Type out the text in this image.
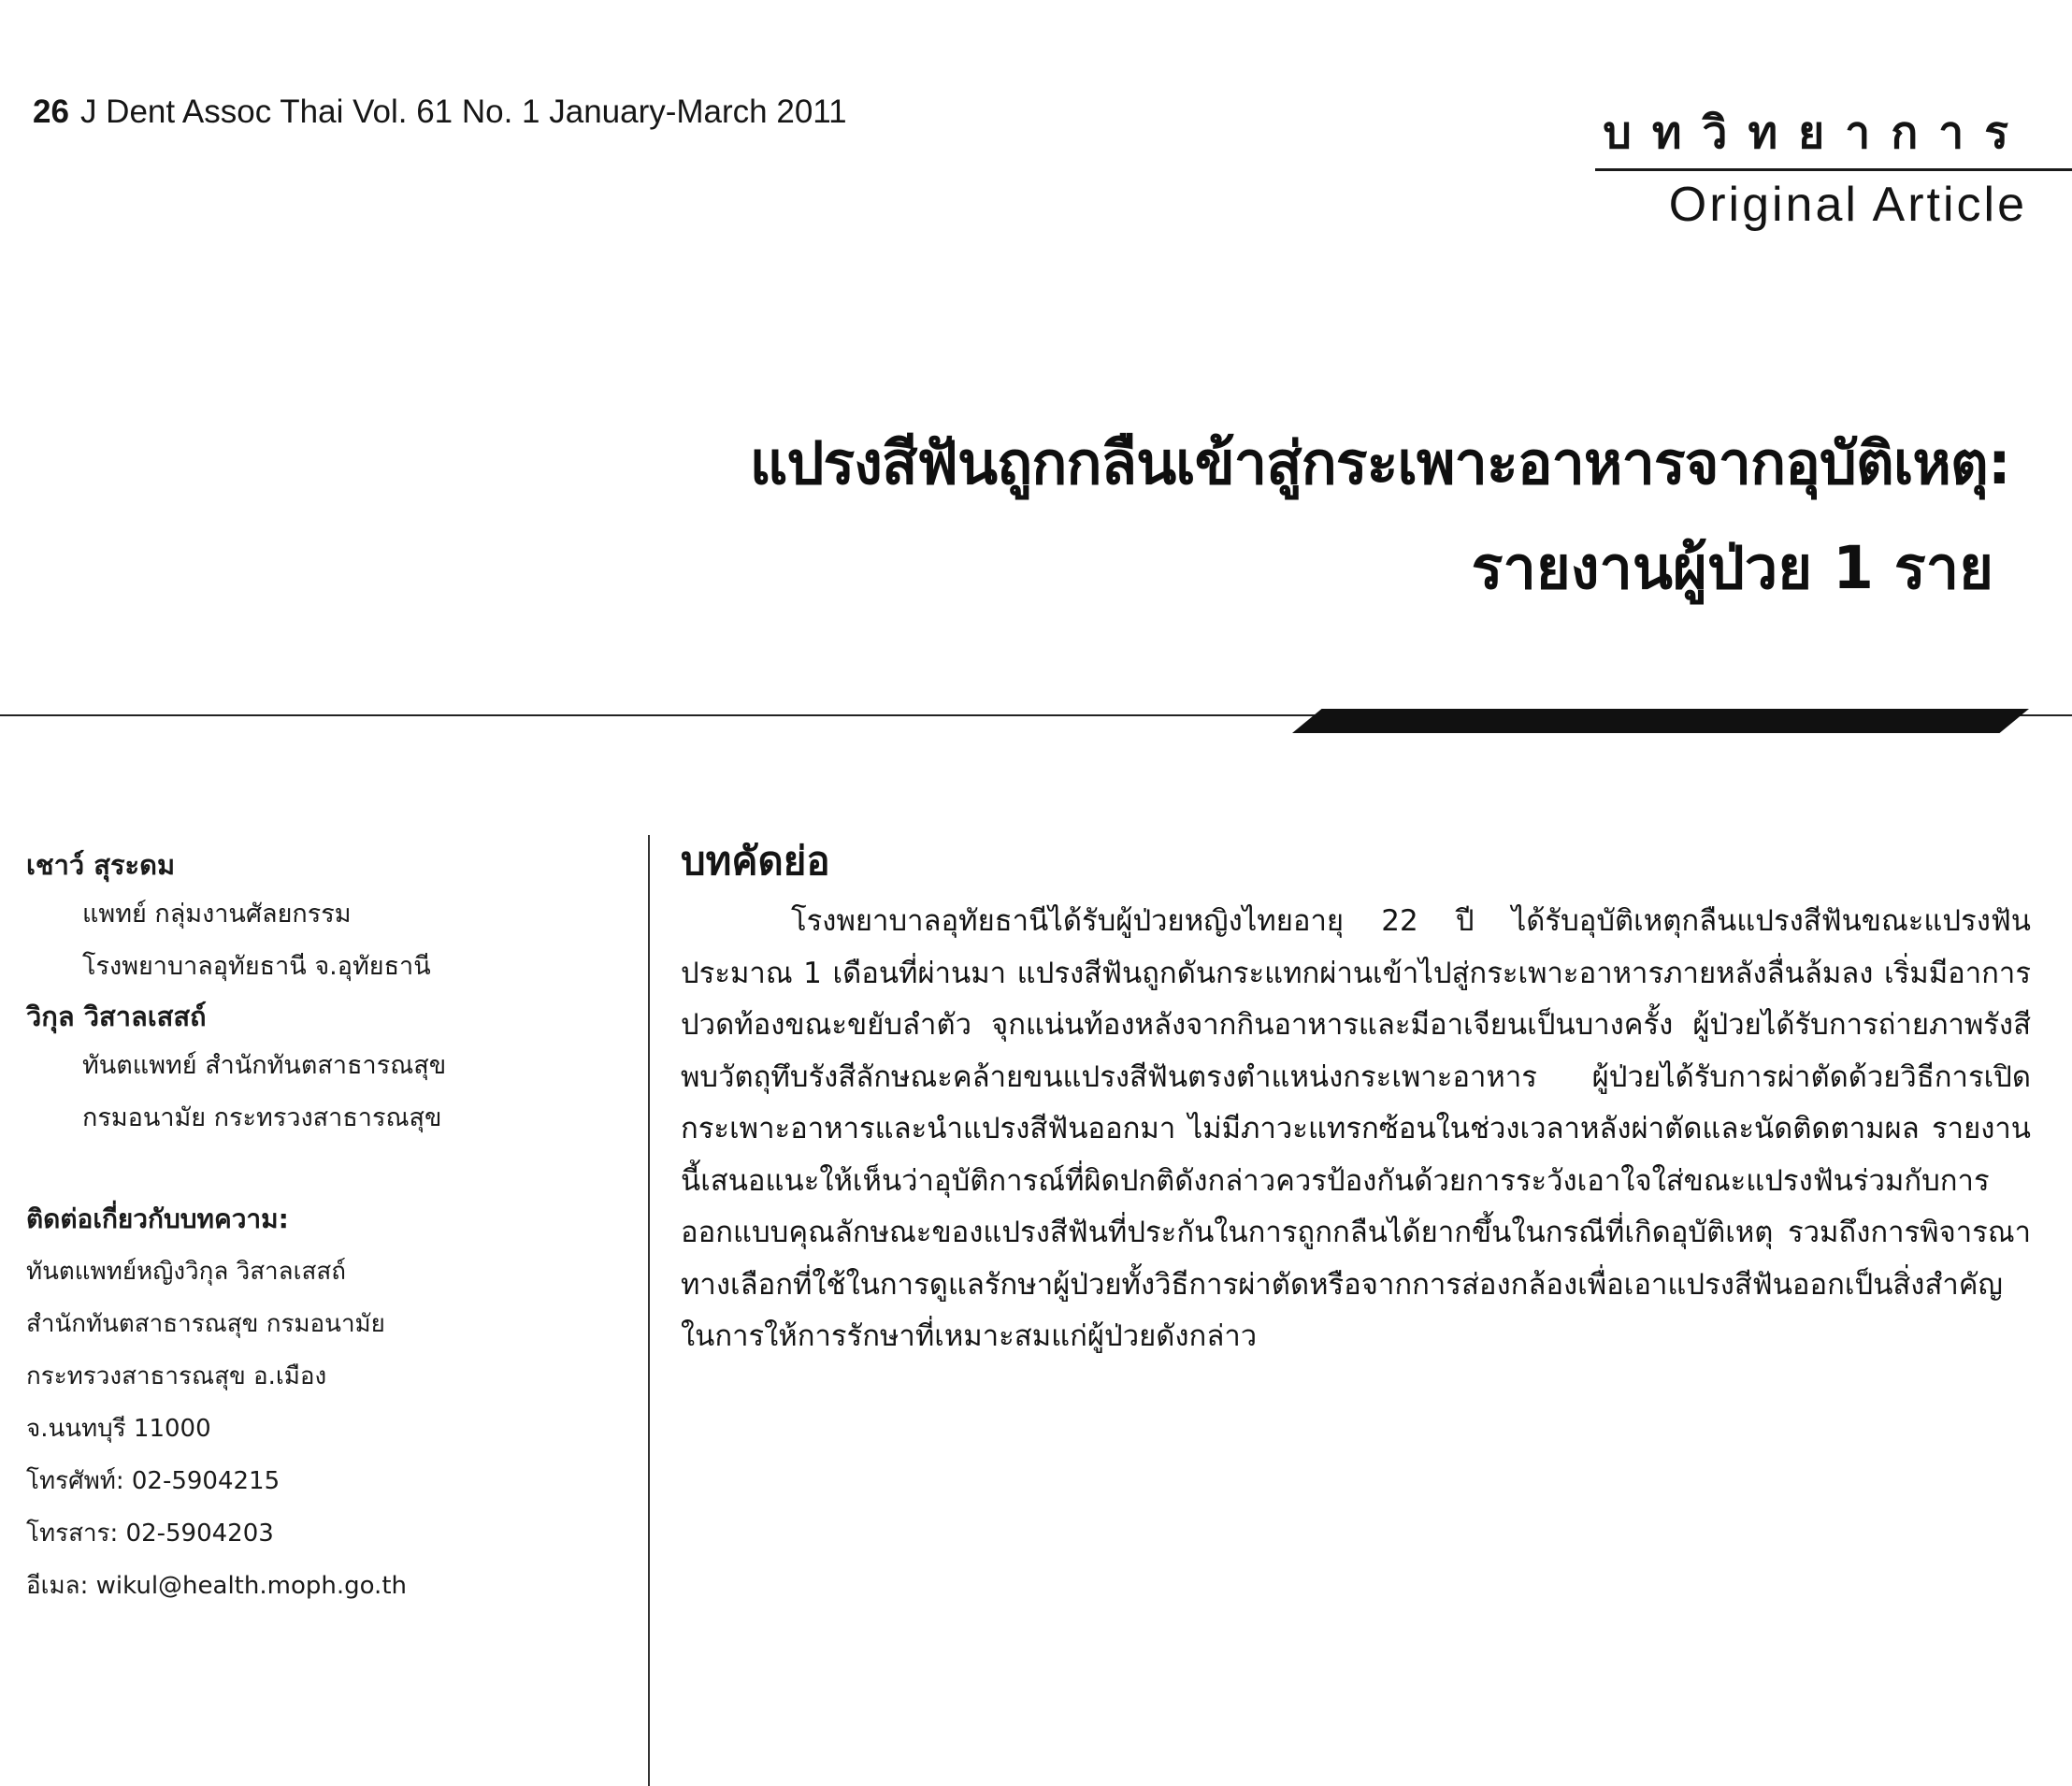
26 J Dent Assoc Thai Vol. 61 No. 1 January-March 2011	บทวิทยาการ
Original Article
แปรงสีฟันถูกกลืนเข้าสู่กระเพาะอาหารจากอุบัติเหตุ:
รายงานผู้ป่วย 1 ราย
เชาว์ สุระดม
แพทย์ กลุ่มงานศัลยกรรม
โรงพยาบาลอุทัยธานี จ.อุทัยธานี
วิกุล วิสาลเสสถ์
ทันตแพทย์ สำนักทันตสาธารณสุข
กรมอนามัย กระทรวงสาธารณสุข
ติดต่อเกี่ยวกับบทความ:
ทันตแพทย์หญิงวิกุล วิสาลเสสถ์
สำนักทันตสาธารณสุข กรมอนามัย
กระทรวงสาธารณสุข อ.เมือง
จ.นนทบุรี 11000
โทรศัพท์: 02-5904215
โทรสาร: 02-5904203
อีเมล: wikul@health.moph.go.th
บทคัดย่อ

โรงพยาบาลอุทัยธานีได้รับผู้ป่วยหญิงไทยอายุ 22 ปี ได้รับอุบัติเหตุกลืนแปรงสีฟันขณะแปรงฟัน ประมาณ 1 เดือนที่ผ่านมา แปรงสีฟันถูกดันกระแทกผ่านเข้าไปสู่กระเพาะอาหารภายหลังลื่นล้มลง เริ่มมีอาการปวดท้องขณะขยับลำตัว จุกแน่นท้องหลังจากกินอาหารและมีอาเจียนเป็นบางครั้ง ผู้ป่วยได้รับการถ่ายภาพรังสี พบวัตถุทึบรังสีลักษณะคล้ายขนแปรงสีฟันตรงตำแหน่งกระเพาะอาหาร ผู้ป่วยได้รับการผ่าตัดด้วยวิธีการเปิดกระเพาะอาหารและนำแปรงสีฟันออกมา ไม่มีภาวะแทรกซ้อนในช่วงเวลาหลังผ่าตัดและนัดติดตามผล รายงานนี้เสนอแนะให้เห็นว่าอุบัติการณ์ที่ผิดปกติดังกล่าวควรป้องกันด้วยการระวังเอาใจใส่ขณะแปรงฟันร่วมกับการออกแบบคุณลักษณะของแปรงสีฟันที่ประกันในการถูกกลืนได้ยากขึ้นในกรณีที่เกิดอุบัติเหตุ รวมถึงการพิจารณาทางเลือกที่ใช้ในการดูแลรักษาผู้ป่วยทั้งวิธีการผ่าตัดหรือจากการส่องกล้องเพื่อเอาแปรงสีฟันออกเป็นสิ่งสำคัญในการให้การรักษาที่เหมาะสมแก่ผู้ป่วยดังกล่าว
